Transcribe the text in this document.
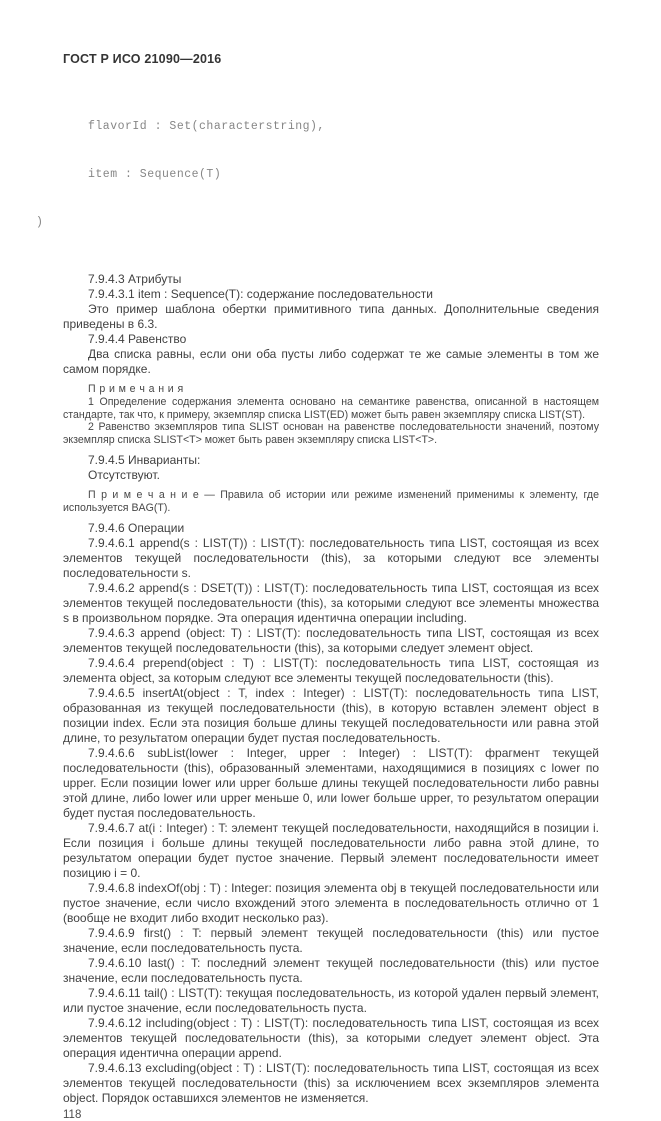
ГОСТ Р ИСО 21090—2016

flavorId : Set(characterstring),

item : Sequence(T)

)

7.9.4.3 Атрибуты

7.9.4.3.1 item : Sequence(T): содержание последовательности

Это пример шаблона обертки примитивного типа данных. Дополнительные сведения приведены в 6.3.

7.9.4.4 Равенство

Два списка равны, если они оба пусты либо содержат те же самые элементы в том же самом порядке.

П р и м е ч а н и я

1 Определение содержания элемента основано на семантике равенства, описанной в настоящем стандарте, так что, к примеру, экземпляр списка LIST(ED) может быть равен экземпляру списка LIST(ST).

2 Равенство экземпляров типа SLIST основан на равенстве последовательности значений, поэтому экземпляр списка SLIST<T> может быть равен экземпляру списка LIST<T>.

7.9.4.5 Инварианты:

Отсутствуют.

П р и м е ч а н и е — Правила об истории или режиме изменений применимы к элементу, где используется BAG(T).

7.9.4.6 Операции

7.9.4.6.1 append(s : LIST(T)) : LIST(T): последовательность типа LIST, состоящая из всех элементов текущей последовательности (this), за которыми следуют все элементы последовательности s.

7.9.4.6.2 append(s : DSET(T)) : LIST(T): последовательность типа LIST, состоящая из всех элементов текущей последовательности (this), за которыми следуют все элементы множества s в произвольном порядке. Эта операция идентична операции including.

7.9.4.6.3 append (object: T) : LIST(T): последовательность типа LIST, состоящая из всех элементов текущей последовательности (this), за которыми следует элемент object.

7.9.4.6.4 prepend(object : T) : LIST(T): последовательность типа LIST, состоящая из элемента object, за которым следуют все элементы текущей последовательности (this).

7.9.4.6.5 insertAt(object : T, index : Integer) : LIST(T): последовательность типа LIST, образованная из текущей последовательности (this), в которую вставлен элемент object в позиции index. Если эта позиция больше длины текущей последовательности или равна этой длине, то результатом операции будет пустая последовательность.

7.9.4.6.6 subList(lower : Integer, upper : Integer) : LIST(T): фрагмент текущей последовательности (this), образованный элементами, находящимися в позициях с lower по upper. Если позиции lower или upper больше длины текущей последовательности либо равны этой длине, либо lower или upper меньше 0, или lower больше upper, то результатом операции будет пустая последовательность.

7.9.4.6.7 at(i : Integer) : T: элемент текущей последовательности, находящийся в позиции i. Если позиция i больше длины текущей последовательности либо равна этой длине, то результатом операции будет пустое значение. Первый элемент последовательности имеет позицию i = 0.

7.9.4.6.8 indexOf(obj : T) : Integer: позиция элемента obj в текущей последовательности или пустое значение, если число вхождений этого элемента в последовательность отлично от 1 (вообще не входит либо входит несколько раз).

7.9.4.6.9 first() : T: первый элемент текущей последовательности (this) или пустое значение, если последовательность пуста.

7.9.4.6.10 last() : T: последний элемент текущей последовательности (this) или пустое значение, если последовательность пуста.

7.9.4.6.11 tail() : LIST(T): текущая последовательность, из которой удален первый элемент, или пустое значение, если последовательность пуста.

7.9.4.6.12 including(object : T) : LIST(T): последовательность типа LIST, состоящая из всех элементов текущей последовательности (this), за которыми следует элемент object. Эта операция идентична операции append.

7.9.4.6.13 excluding(object : T) : LIST(T): последовательность типа LIST, состоящая из всех элементов текущей последовательности (this) за исключением всех экземпляров элемента object. Порядок оставшихся элементов не изменяется.

118
